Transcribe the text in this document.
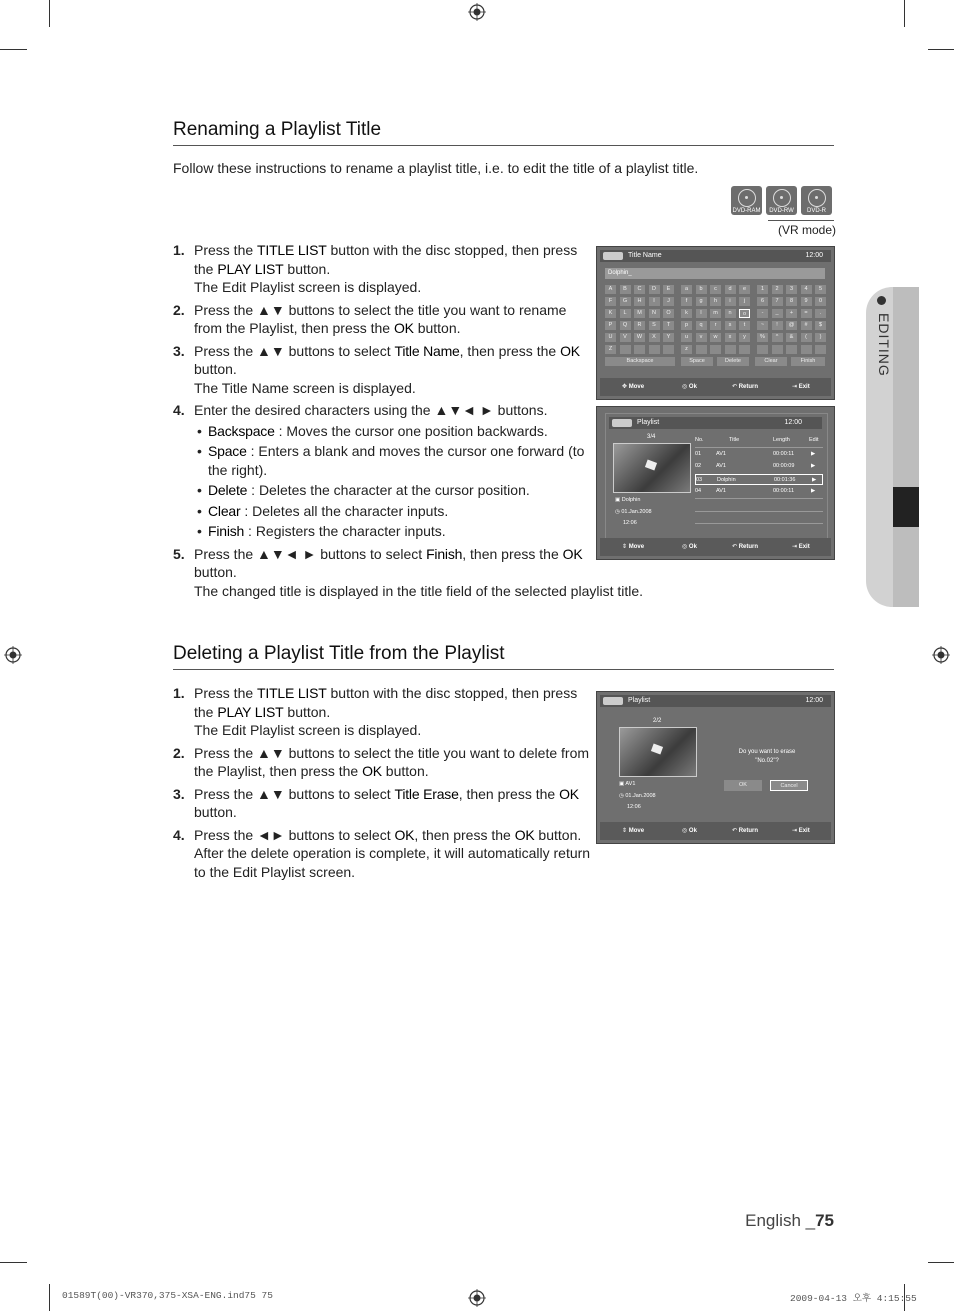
Renaming a Playlist Title
Follow these instructions to rename a playlist title, i.e. to edit the title of a playlist title.
DVD-RAM	DVD-RW	DVD-R
(VR mode)
1. Press the TITLE LIST button with the disc stopped, then press the PLAY LIST button.

The Edit Playlist screen is displayed.

2. Press the ▲▼ buttons to select the title you want to rename from the Playlist, then press the OK button.

3. Press the ▲▼ buttons to select Title Name, then press the OK button.

The Title Name screen is displayed.

4. Enter the desired characters using the ▲▼◄ ► buttons.

• Backspace : Moves the cursor one position backwards.
• Space : Enters a blank and moves the cursor one forward (to the right).
• Delete : Deletes the character at the cursor position.
• Clear : Deletes all the character inputs.
• Finish : Registers the character inputs.
5. Press the ▲▼◄ ► buttons to select Finish, then press the OK button.

The changed title is displayed in the title field of the selected playlist title.

Title Name	12:00
Dolphin_
A	B	C	D	E	a	b	c	d	e	1	2	3	4	5
F	G	H	I	J	f	g	h	i	j	6	7	8	9	0
K	L	M	N	O	k	l	m	n	o	-	_	+	=	.
P	Q	R	S	T	p	q	r	s	t	~	!	@	#	$
U	V	W	X	Y	u	v	w	x	y	%	^	&	(	)
Z	z
Backspace	Space	Delete	Clear	Finish
✥ Move	◎ Ok	↶ Return	⇥ Exit
Playlist	12:00
3/4
▣ Dolphin
◷ 01.Jan.2008
12:06
No.	Title	Length	Edit
01	AV1	00:00:11	▶
02	AV1	00:00:09	▶
03	Dolphin	00:01:36	▶
04	AV1	00:00:11	▶
⇕ Move	◎ Ok	↶ Return	⇥ Exit
Deleting a Playlist Title from the Playlist
1. Press the TITLE LIST button with the disc stopped, then press the PLAY LIST button.

The Edit Playlist screen is displayed.

2. Press the ▲▼ buttons to select the title you want to delete from the Playlist, then press the OK button.

3. Press the ▲▼ buttons to select Title Erase, then press the OK button.

4. Press the ◄► buttons to select OK, then press the OK button. After the delete operation is complete, it will automatically return to the Edit Playlist screen.

Playlist	12:00
2/2
▣ AV1
◷ 01.Jan.2008
12:06
Do you want to erase
"No.02"?
OK	Cancel
⇕ Move	◎ Ok	↶ Return	⇥ Exit
EDITING
English _75
01589T(00)-VR370,375-XSA-ENG.ind75 75	2009-04-13 오후 4:15:55
